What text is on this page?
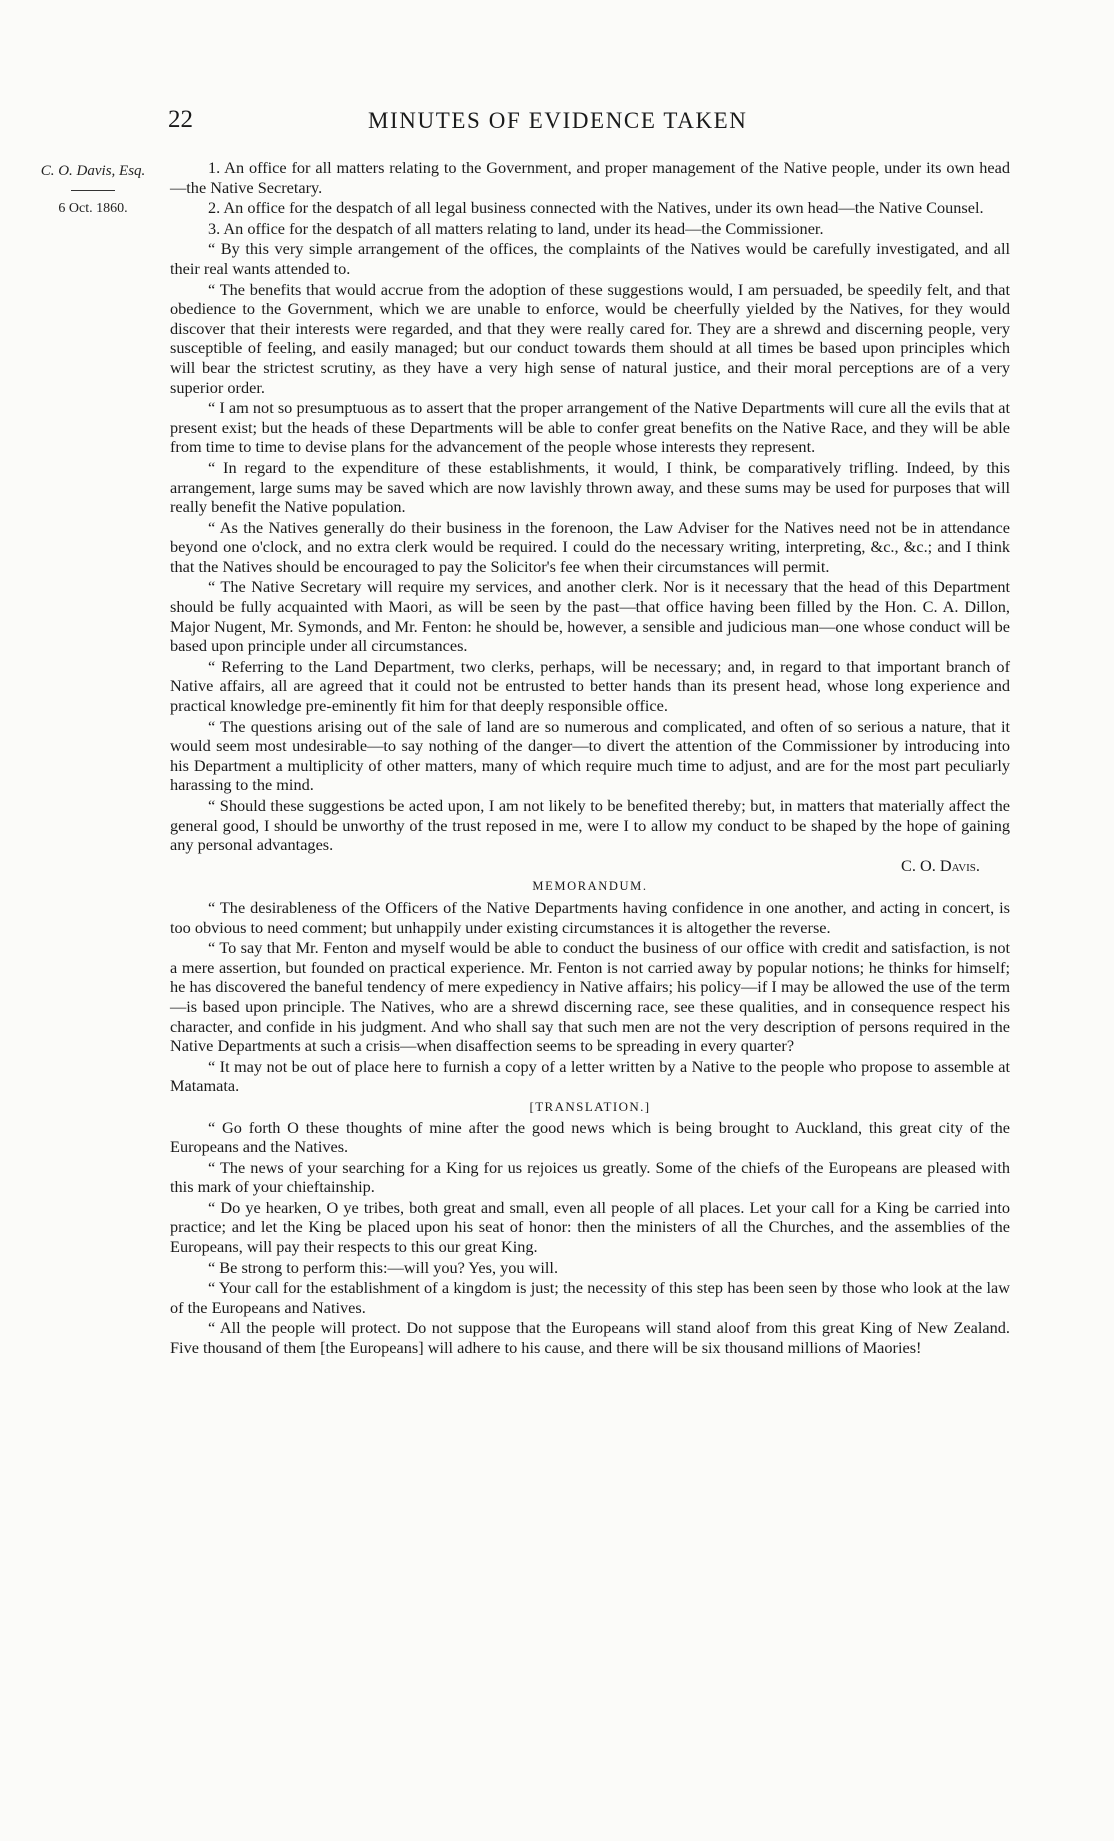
22	MINUTES OF EVIDENCE TAKEN
C. O. Davis, Esq.
6 Oct. 1860.

1. An office for all matters relating to the Government, and proper management of the Native people, under its own head—the Native Secretary.

2. An office for the despatch of all legal business connected with the Natives, under its own head—the Native Counsel.

3. An office for the despatch of all matters relating to land, under its head—the Commissioner.

“ By this very simple arrangement of the offices, the complaints of the Natives would be carefully investigated, and all their real wants attended to.

“ The benefits that would accrue from the adoption of these suggestions would, I am persuaded, be speedily felt, and that obedience to the Government, which we are unable to enforce, would be cheerfully yielded by the Natives, for they would discover that their interests were regarded, and that they were really cared for. They are a shrewd and discerning people, very susceptible of feeling, and easily managed; but our conduct towards them should at all times be based upon principles which will bear the strictest scrutiny, as they have a very high sense of natural justice, and their moral perceptions are of a very superior order.

“ I am not so presumptuous as to assert that the proper arrangement of the Native Departments will cure all the evils that at present exist; but the heads of these Departments will be able to confer great benefits on the Native Race, and they will be able from time to time to devise plans for the advancement of the people whose interests they represent.

“ In regard to the expenditure of these establishments, it would, I think, be comparatively trifling. Indeed, by this arrangement, large sums may be saved which are now lavishly thrown away, and these sums may be used for purposes that will really benefit the Native population.

“ As the Natives generally do their business in the forenoon, the Law Adviser for the Natives need not be in attendance beyond one o'clock, and no extra clerk would be required. I could do the necessary writing, interpreting, &c., &c.; and I think that the Natives should be encouraged to pay the Solicitor's fee when their circumstances will permit.

“ The Native Secretary will require my services, and another clerk. Nor is it necessary that the head of this Department should be fully acquainted with Maori, as will be seen by the past—that office having been filled by the Hon. C. A. Dillon, Major Nugent, Mr. Symonds, and Mr. Fenton: he should be, however, a sensible and judicious man—one whose conduct will be based upon principle under all circumstances.

“ Referring to the Land Department, two clerks, perhaps, will be necessary; and, in regard to that important branch of Native affairs, all are agreed that it could not be entrusted to better hands than its present head, whose long experience and practical knowledge pre-eminently fit him for that deeply responsible office.

“ The questions arising out of the sale of land are so numerous and complicated, and often of so serious a nature, that it would seem most undesirable—to say nothing of the danger—to divert the attention of the Commissioner by introducing into his Department a multiplicity of other matters, many of which require much time to adjust, and are for the most part peculiarly harassing to the mind.

“ Should these suggestions be acted upon, I am not likely to be benefited thereby; but, in matters that materially affect the general good, I should be unworthy of the trust reposed in me, were I to allow my conduct to be shaped by the hope of gaining any personal advantages.

C. O. Davis.

MEMORANDUM.

“ The desirableness of the Officers of the Native Departments having confidence in one another, and acting in concert, is too obvious to need comment; but unhappily under existing circumstances it is altogether the reverse.

“ To say that Mr. Fenton and myself would be able to conduct the business of our office with credit and satisfaction, is not a mere assertion, but founded on practical experience. Mr. Fenton is not carried away by popular notions; he thinks for himself; he has discovered the baneful tendency of mere expediency in Native affairs; his policy—if I may be allowed the use of the term—is based upon principle. The Natives, who are a shrewd discerning race, see these qualities, and in consequence respect his character, and confide in his judgment. And who shall say that such men are not the very description of persons required in the Native Departments at such a crisis—when disaffection seems to be spreading in every quarter?

“ It may not be out of place here to furnish a copy of a letter written by a Native to the people who propose to assemble at Matamata.

[TRANSLATION.]

“ Go forth O these thoughts of mine after the good news which is being brought to Auckland, this great city of the Europeans and the Natives.

“ The news of your searching for a King for us rejoices us greatly. Some of the chiefs of the Europeans are pleased with this mark of your chieftainship.

“ Do ye hearken, O ye tribes, both great and small, even all people of all places. Let your call for a King be carried into practice; and let the King be placed upon his seat of honor: then the ministers of all the Churches, and the assemblies of the Europeans, will pay their respects to this our great King.

“ Be strong to perform this:—will you? Yes, you will.

“ Your call for the establishment of a kingdom is just; the necessity of this step has been seen by those who look at the law of the Europeans and Natives.

“ All the people will protect. Do not suppose that the Europeans will stand aloof from this great King of New Zealand. Five thousand of them [the Europeans] will adhere to his cause, and there will be six thousand millions of Maories!
